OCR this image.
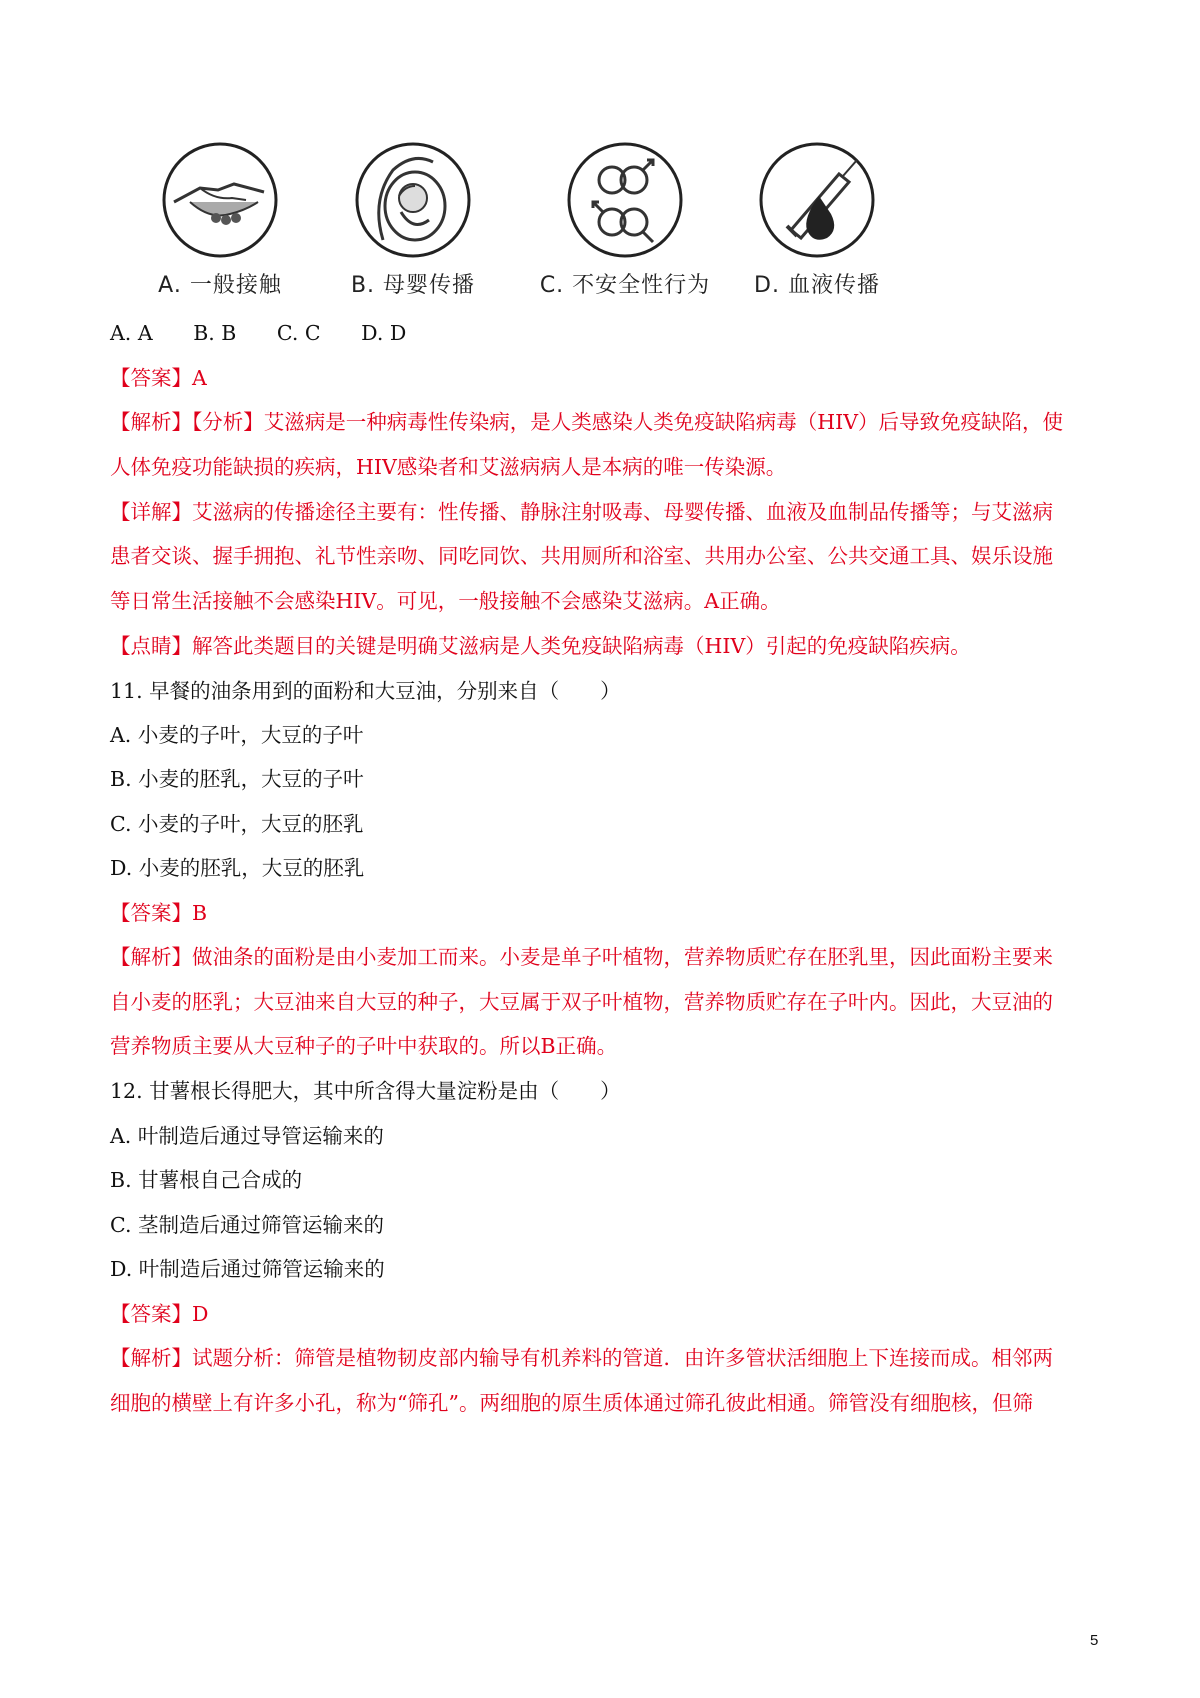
A. 一般接触	B. 母婴传播	C. 不安全性行为	D. 血液传播
A. A B. B C. C D. D
【答案】A
【解析】【分析】艾滋病是一种病毒性传染病，是人类感染人类免疫缺陷病毒（HIV）后导致免疫缺陷，使
人体免疫功能缺损的疾病，HIV感染者和艾滋病病人是本病的唯一传染源。
【详解】艾滋病的传播途径主要有：性传播、静脉注射吸毒、母婴传播、血液及血制品传播等；与艾滋病
患者交谈、握手拥抱、礼节性亲吻、同吃同饮、共用厕所和浴室、共用办公室、公共交通工具、娱乐设施
等日常生活接触不会感染HIV。可见，一般接触不会感染艾滋病。A正确。
【点睛】解答此类题目的关键是明确艾滋病是人类免疫缺陷病毒（HIV）引起的免疫缺陷疾病。
11. 早餐的油条用到的面粉和大豆油，分别来自（　　）
A. 小麦的子叶，大豆的子叶
B. 小麦的胚乳，大豆的子叶
C. 小麦的子叶，大豆的胚乳
D. 小麦的胚乳，大豆的胚乳
【答案】B
【解析】做油条的面粉是由小麦加工而来。小麦是单子叶植物，营养物质贮存在胚乳里，因此面粉主要来
自小麦的胚乳；大豆油来自大豆的种子，大豆属于双子叶植物，营养物质贮存在子叶内。因此，大豆油的
营养物质主要从大豆种子的子叶中获取的。所以B正确。
12. 甘薯根长得肥大，其中所含得大量淀粉是由（　　）
A. 叶制造后通过导管运输来的
B. 甘薯根自己合成的
C. 茎制造后通过筛管运输来的
D. 叶制造后通过筛管运输来的
【答案】D
【解析】试题分析：筛管是植物韧皮部内输导有机养料的管道．由许多管状活细胞上下连接而成。相邻两
细胞的横壁上有许多小孔，称为“筛孔”。两细胞的原生质体通过筛孔彼此相通。筛管没有细胞核，但筛
5
